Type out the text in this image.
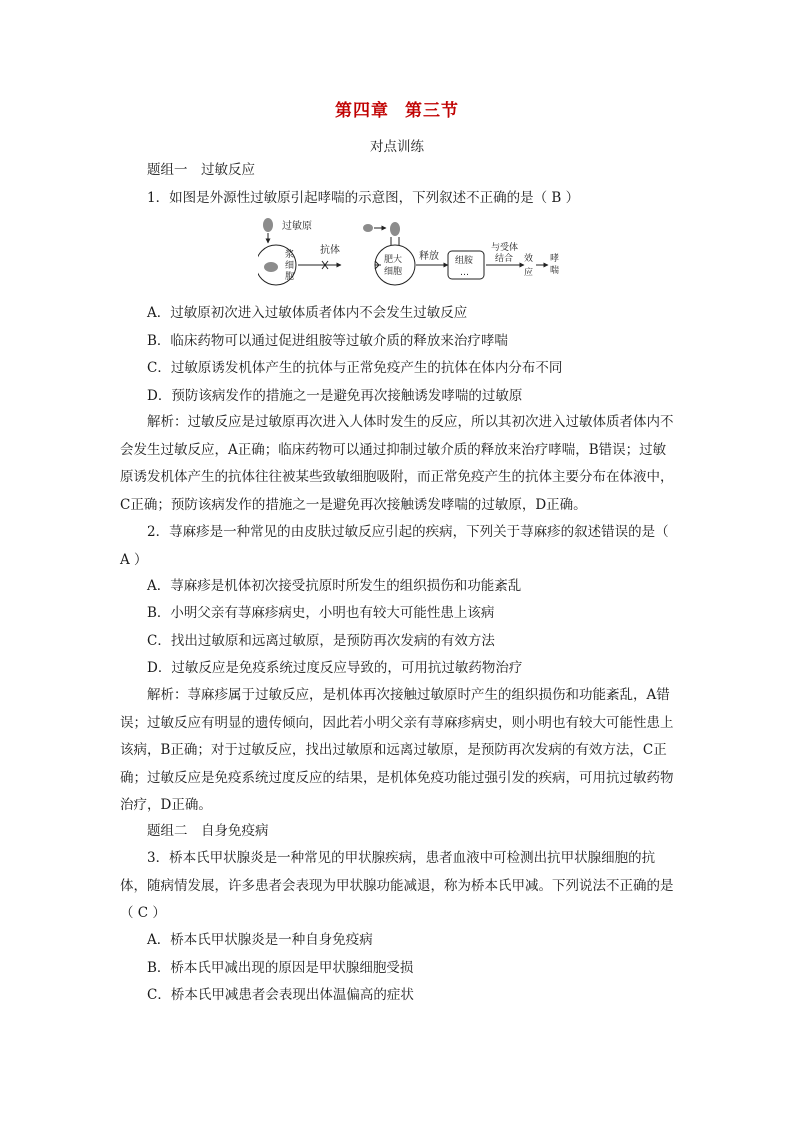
第四章 第三节
对点训练
题组一　过敏反应
1．如图是外源性过敏原引起哮喘的示意图，下列叙述不正确的是（ B ）
过敏原
浆
细
胞
抗体
肥大
细胞
释放 组胺
…
与受体
结合 效
应
哮
喘
A．过敏原初次进入过敏体质者体内不会发生过敏反应
B．临床药物可以通过促进组胺等过敏介质的释放来治疗哮喘
C．过敏原诱发机体产生的抗体与正常免疫产生的抗体在体内分布不同
D．预防该病发作的措施之一是避免再次接触诱发哮喘的过敏原
解析：过敏反应是过敏原再次进入人体时发生的反应，所以其初次进入过敏体质者体内不会发生过敏反应，A正确；临床药物可以通过抑制过敏介质的释放来治疗哮喘，B错误；过敏原诱发机体产生的抗体往往被某些致敏细胞吸附，而正常免疫产生的抗体主要分布在体液中，C正确；预防该病发作的措施之一是避免再次接触诱发哮喘的过敏原，D正确。
2．荨麻疹是一种常见的由皮肤过敏反应引起的疾病，下列关于荨麻疹的叙述错误的是（ A ）
A．荨麻疹是机体初次接受抗原时所发生的组织损伤和功能紊乱
B．小明父亲有荨麻疹病史，小明也有较大可能性患上该病
C．找出过敏原和远离过敏原，是预防再次发病的有效方法
D．过敏反应是免疫系统过度反应导致的，可用抗过敏药物治疗
解析：荨麻疹属于过敏反应，是机体再次接触过敏原时产生的组织损伤和功能紊乱，A错误；过敏反应有明显的遗传倾向，因此若小明父亲有荨麻疹病史，则小明也有较大可能性患上该病，B正确；对于过敏反应，找出过敏原和远离过敏原，是预防再次发病的有效方法，C正确；过敏反应是免疫系统过度反应的结果，是机体免疫功能过强引发的疾病，可用抗过敏药物治疗，D正确。
题组二　自身免疫病
3．桥本氏甲状腺炎是一种常见的甲状腺疾病，患者血液中可检测出抗甲状腺细胞的抗体，随病情发展，许多患者会表现为甲状腺功能减退，称为桥本氏甲减。下列说法不正确的是（ C ）
A．桥本氏甲状腺炎是一种自身免疫病
B．桥本氏甲减出现的原因是甲状腺细胞受损
C．桥本氏甲减患者会表现出体温偏高的症状
